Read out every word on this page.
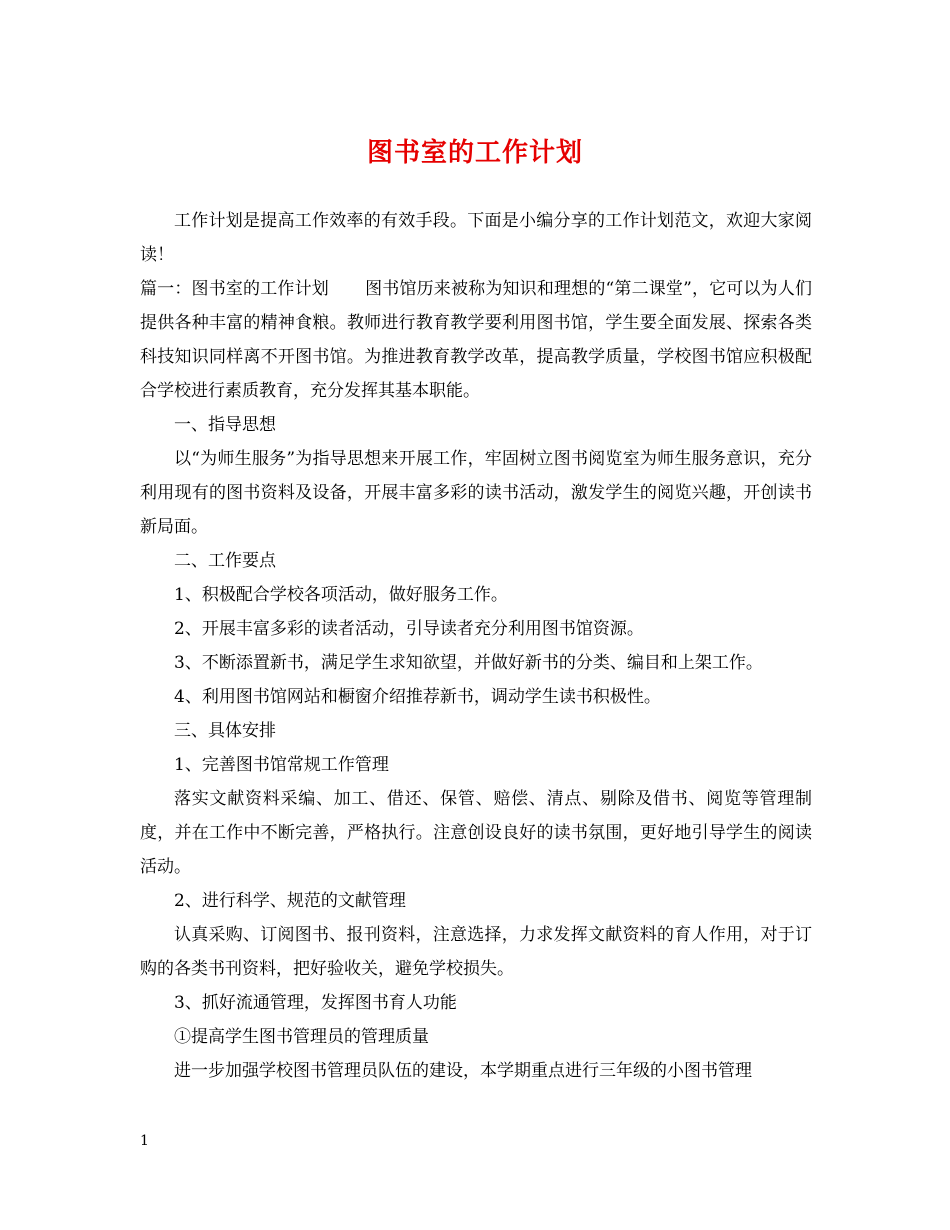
图书室的工作计划

工作计划是提高工作效率的有效手段。下面是小编分享的工作计划范文，欢迎大家阅读！

篇一：图书室的工作计划 图书馆历来被称为知识和理想的“第二课堂”，它可以为人们提供各种丰富的精神食粮。教师进行教育教学要利用图书馆，学生要全面发展、探索各类科技知识同样离不开图书馆。为推进教育教学改革，提高教学质量，学校图书馆应积极配合学校进行素质教育，充分发挥其基本职能。

一、指导思想

以“为师生服务”为指导思想来开展工作，牢固树立图书阅览室为师生服务意识，充分利用现有的图书资料及设备，开展丰富多彩的读书活动，激发学生的阅览兴趣，开创读书新局面。

二、工作要点

1、积极配合学校各项活动，做好服务工作。

2、开展丰富多彩的读者活动，引导读者充分利用图书馆资源。

3、不断添置新书，满足学生求知欲望，并做好新书的分类、编目和上架工作。

4、利用图书馆网站和橱窗介绍推荐新书，调动学生读书积极性。

三、具体安排

1、完善图书馆常规工作管理

落实文献资料采编、加工、借还、保管、赔偿、清点、剔除及借书、阅览等管理制度，并在工作中不断完善，严格执行。注意创设良好的读书氛围，更好地引导学生的阅读活动。

2、进行科学、规范的文献管理

认真采购、订阅图书、报刊资料，注意选择，力求发挥文献资料的育人作用，对于订购的各类书刊资料，把好验收关，避免学校损失。

3、抓好流通管理，发挥图书育人功能

①提高学生图书管理员的管理质量

进一步加强学校图书管理员队伍的建设，本学期重点进行三年级的小图书管理

1
